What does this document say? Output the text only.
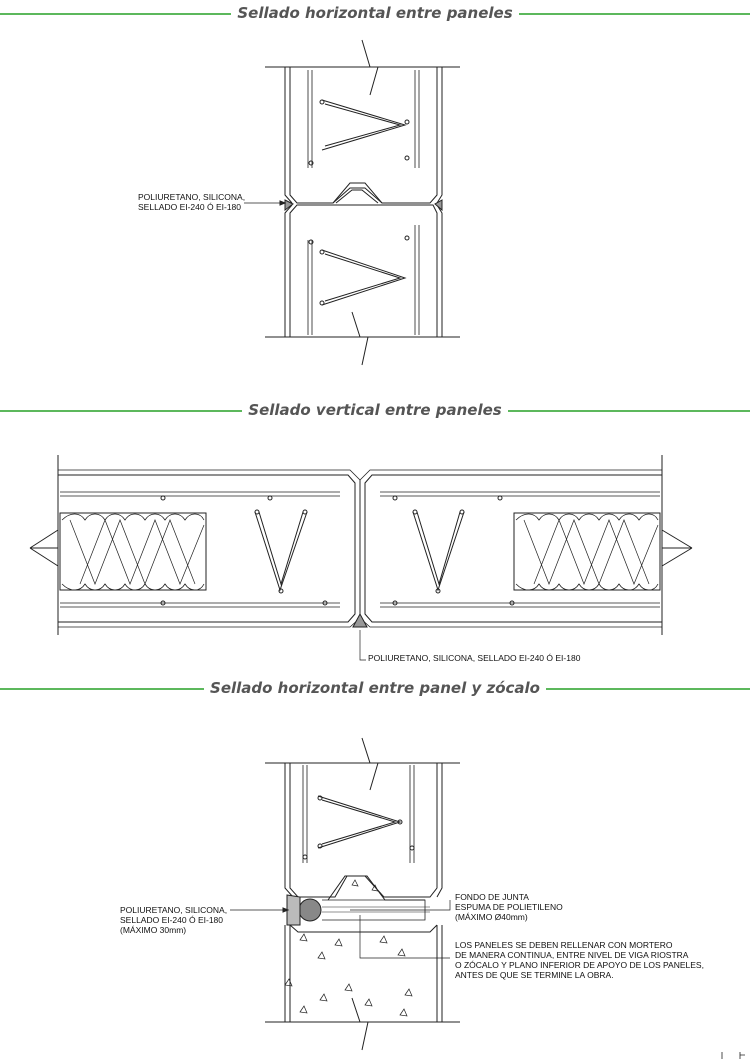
Sellado horizontal entre paneles
Sellado vertical entre paneles
Sellado horizontal entre panel y zócalo
POLIURETANO, SILICONA,
SELLADO EI-240 Ó EI-180
POLIURETANO, SILICONA, SELLADO EI-240 Ó EI-180
POLIURETANO, SILICONA,
SELLADO EI-240 Ó EI-180
(MÁXIMO 30mm)
FONDO DE JUNTA
ESPUMA DE POLIETILENO
(MÁXIMO Ø40mm)
LOS PANELES SE DEBEN RELLENAR CON MORTERO
DE MANERA CONTINUA, ENTRE NIVEL DE VIGA RIOSTRA
O ZÓCALO Y PLANO INFERIOR DE APOYO DE LOS PANELES,
ANTES DE QUE SE TERMINE LA OBRA.
